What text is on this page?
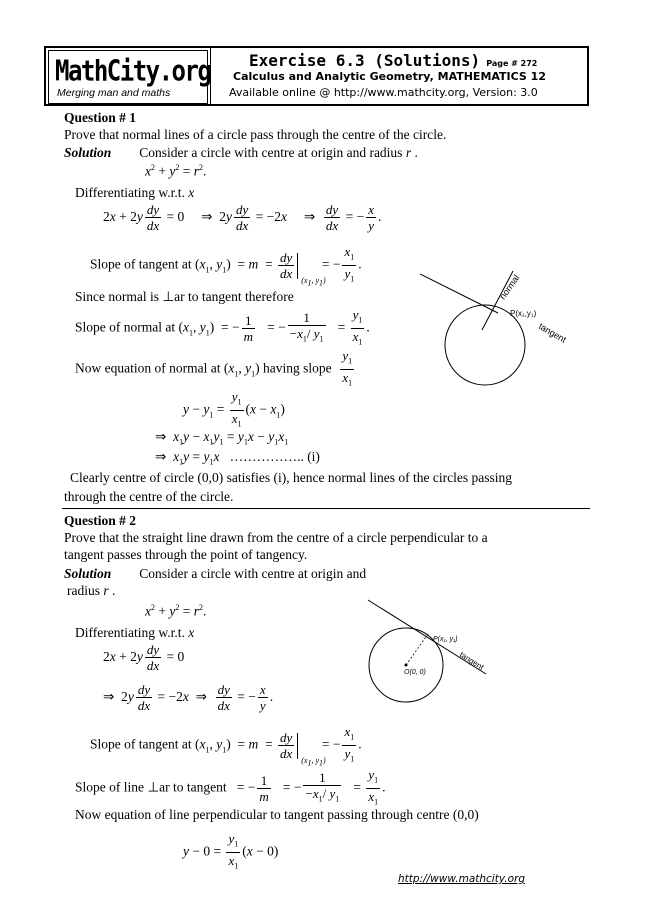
MathCity.org
Merging man and maths
Exercise 6.3 (Solutions) Page # 272
Calculus and Analytic Geometry, MATHEMATICS 12
Available online @ http://www.mathcity.org, Version: 3.0
Question # 1
Prove that normal lines of a circle pass through the centre of the circle.
Solution Consider a circle with centre at origin and radius r .
$x^2 + y^2 = r^2$.
Differentiating w.r.t. x
$2x + 2y \frac{dy}{dx} = 0$     ⇒  $2y \frac{dy}{dx} = -2x$     ⇒ $\frac{dy}{dx}$ = − $\frac{x}{y}$ .
Slope of tangent at ($x_1$, $y_1) = m = \frac{dy}{dx} (x_1$, $y_1$)
= − $\frac{x_1}{y_1}$ .
Since normal is ⊥ar to tangent therefore
Slope of normal at ($x_1$, $y_1$)  = − $\frac{1}{m}$ = − $\frac{1}{-x_1/ y_1} = \frac{y_1}{x_1}$ .
Now equation of normal at ($x_1$, $y_1$) having slope $\frac{y_1}{x_1}$
$y - y_1 = \frac{y_1}{x_1} (x - x_1)$
⇒  $x_1y - x_1y_1 = y_1x - y_1x_1$
⇒  $x_1y = y_1x$ …………….. (i)
Clearly centre of circle (0,0) satisfies (i), hence normal lines of the circles passing
through the centre of the circle.
normal
P(x₁,y₁)
tangent
Question # 2
Prove that the straight line drawn from the centre of a circle perpendicular to a
tangent passes through the point of tangency.
Solution Consider a circle with centre at origin and
radius r .
$x^2 + y^2 = r^2$.
Differentiating w.r.t. x
$2x + 2y \frac{dy}{dx} = 0$
⇒  $2y \frac{dy}{dx} = -2x$  ⇒ $\frac{dy}{dx}$ = − $\frac{x}{y}$ .
Slope of tangent at ($x_1$, $y_1) = m = \frac{dy}{dx} (x_1$, $y_1$)
= − $\frac{x_1}{y_1}$ .
Slope of line ⊥ar to tangent   = − $\frac{1}{m}$ = − $\frac{1}{-x_1/ y_1} = \frac{y_1}{x_1}$ .
Now equation of line perpendicular to tangent passing through centre (0,0)
$y - 0 = \frac{y_1}{x_1} (x - 0)$
P(x₁, y₁)
O(0, 0)
tangent
http://www.mathcity.org
